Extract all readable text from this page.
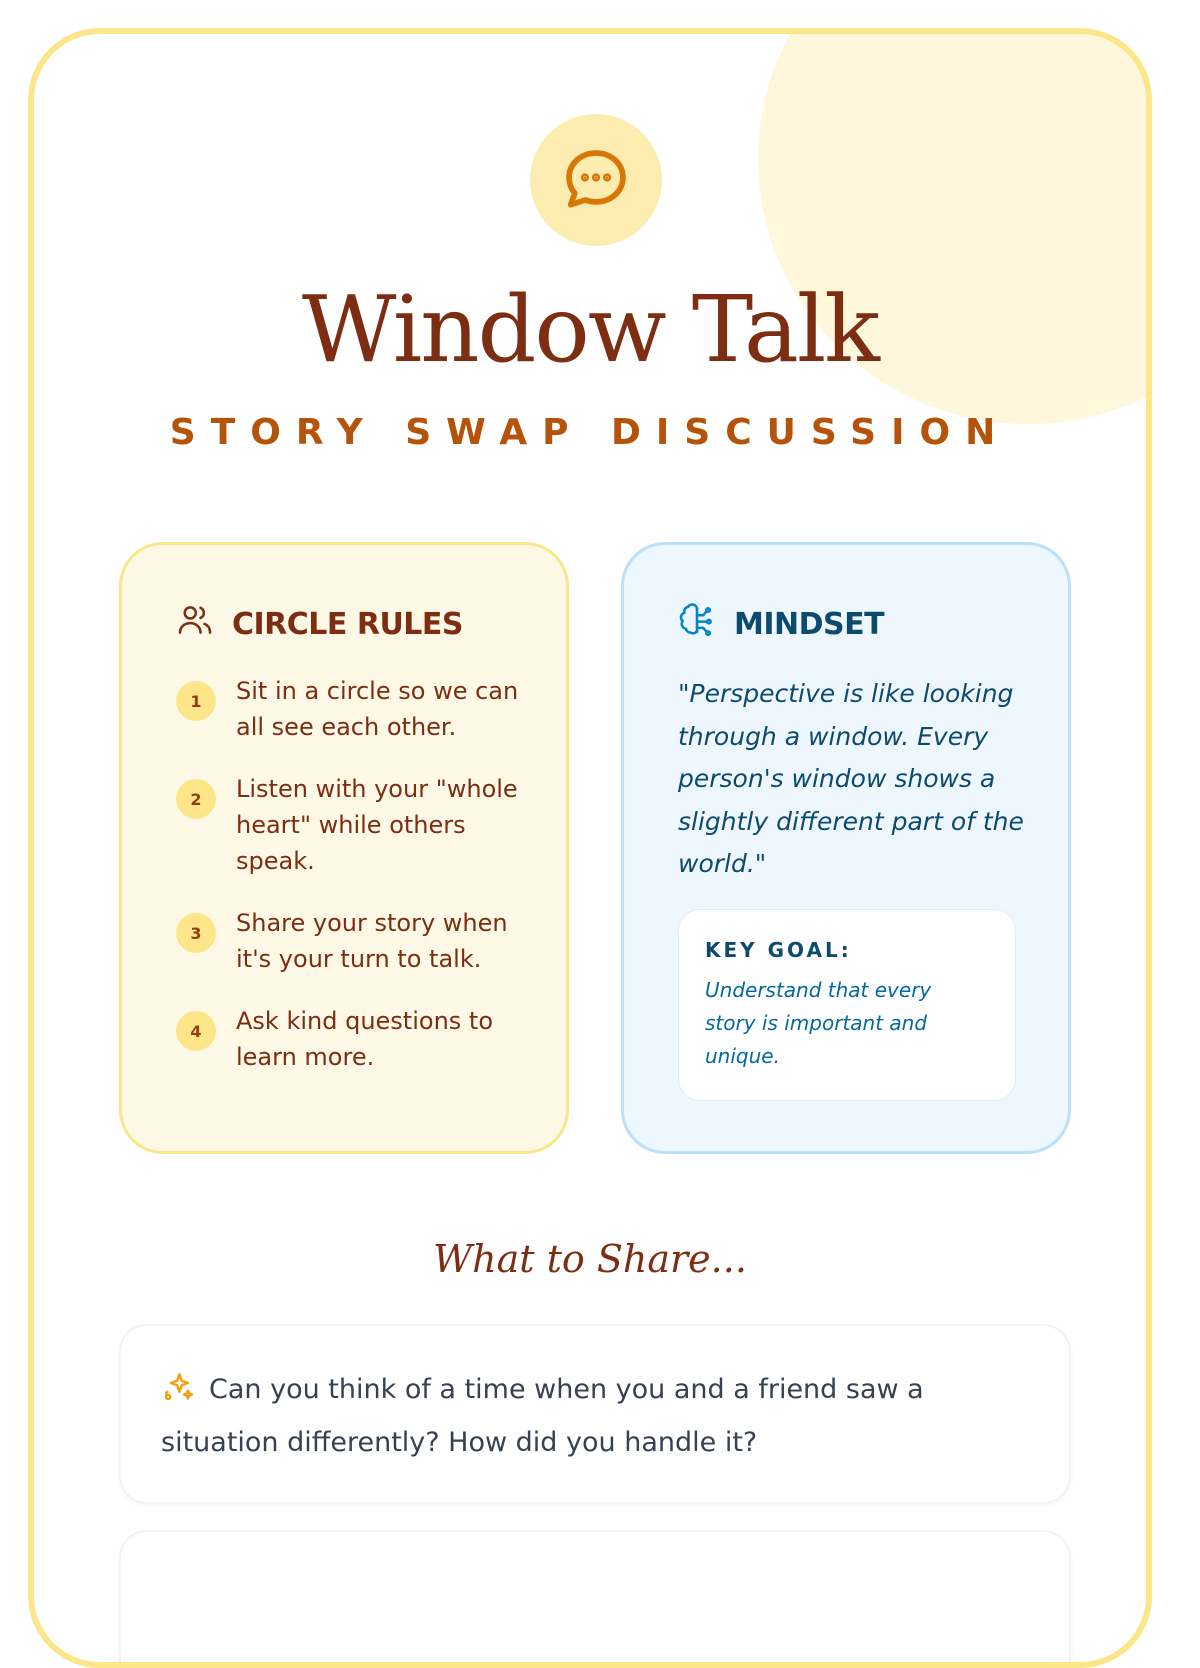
Window Talk
STORY SWAP DISCUSSION
CIRCLE RULES
1	Sit in a circle so we can all see each other.
2	Listen with your "whole heart" while others speak.
3	Share your story when it's your turn to talk.
4	Ask kind questions to learn more.
MINDSET
"Perspective is like looking through a window. Every person's window shows a slightly different part of the world."
KEY GOAL:
Understand that every story is important and unique.
What to Share...
Can you think of a time when you and a friend saw a situation differently? How did you handle it?
